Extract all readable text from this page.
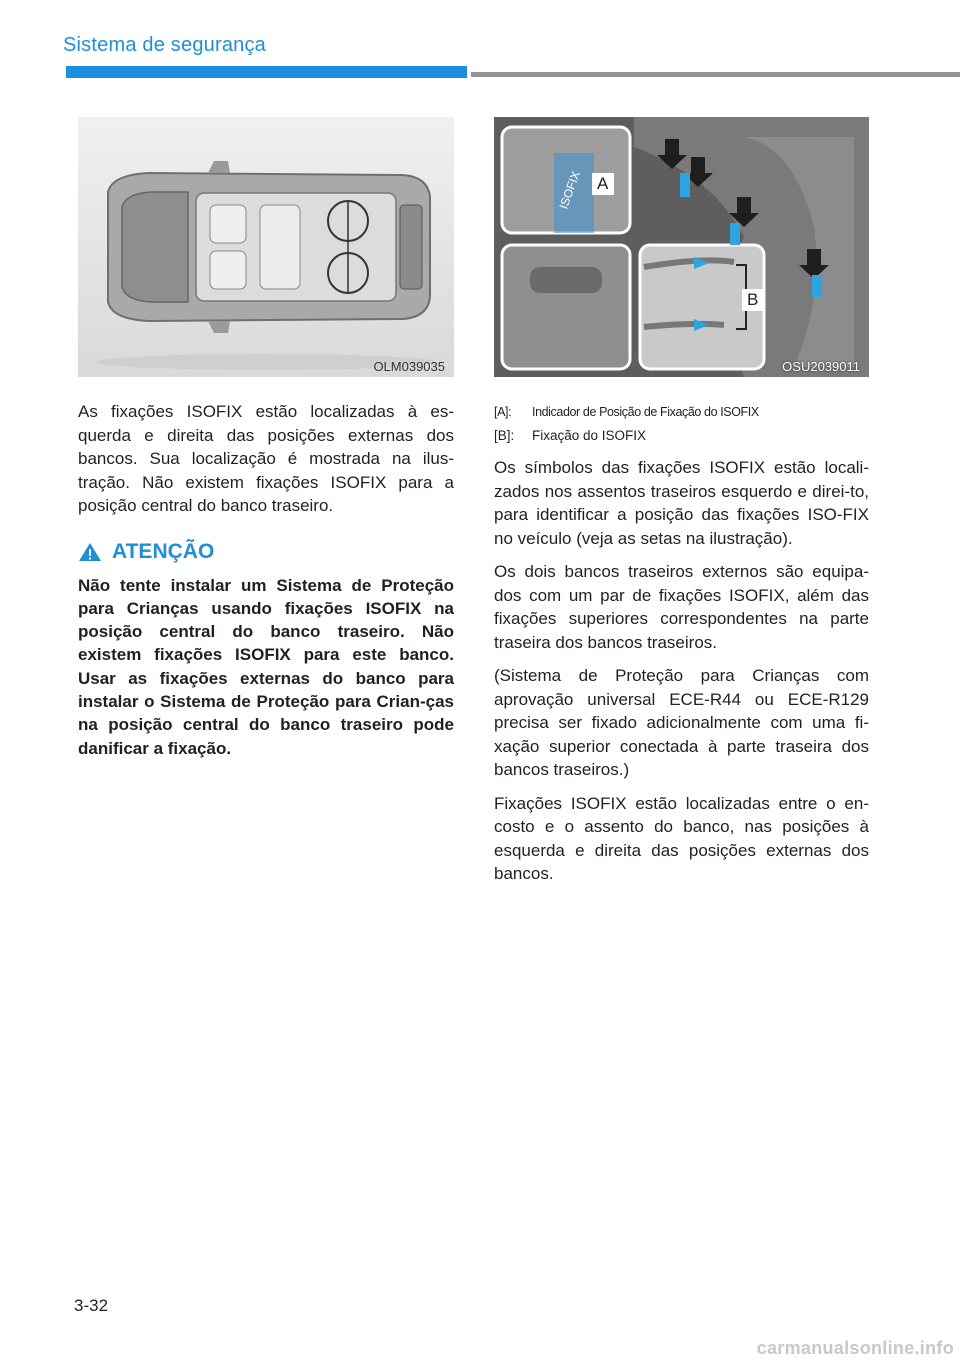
Sistema de segurança
OLM039035
ISOFIX A
B
OSU2039011

As fixações ISOFIX estão localizadas à es-querda e direita das posições externas dos bancos. Sua localização é mostrada na ilus-tração. Não existem fixações ISOFIX para a posição central do banco traseiro.

ATENÇÃO

Não tente instalar um Sistema de Proteção para Crianças usando fixações ISOFIX na posição central do banco traseiro. Não existem fixações ISOFIX para este banco. Usar as fixações externas do banco para instalar o Sistema de Proteção para Crian-ças na posição central do banco traseiro pode danificar a fixação.

[A]:	Indicador de Posição de Fixação do ISOFIX
[B]:	Fixação do ISOFIX

Os símbolos das fixações ISOFIX estão locali-zados nos assentos traseiros esquerdo e direi-to, para identificar a posição das fixações ISO-FIX no veículo (veja as setas na ilustração).

Os dois bancos traseiros externos são equipa-dos com um par de fixações ISOFIX, além das fixações superiores correspondentes na parte traseira dos bancos traseiros.

(Sistema de Proteção para Crianças com aprovação universal ECE-R44 ou ECE-R129 precisa ser fixado adicionalmente com uma fi-xação superior conectada à parte traseira dos bancos traseiros.)

Fixações ISOFIX estão localizadas entre o en-costo e o assento do banco, nas posições à esquerda e direita das posições externas dos bancos.

3-32
carmanualsonline.info
